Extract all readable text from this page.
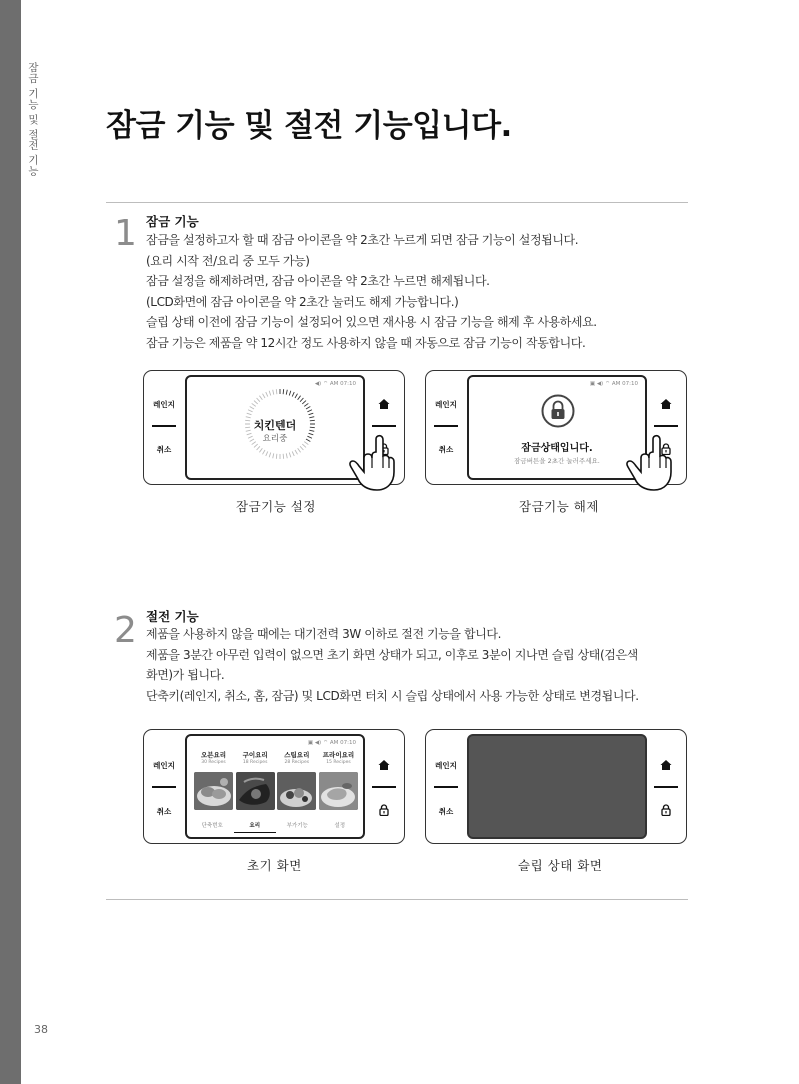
잠금 기능 및 절전 기능
38
잠금 기능 및 절전 기능입니다.
1 잠금 기능
잠금을 설정하고자 할 때 잠금 아이콘을 약 2초간 누르게 되면 잠금 기능이 설정됩니다.
(요리 시작 전/요리 중 모두 가능)
잠금 설정을 해제하려면, 잠금 아이콘을 약 2초간 누르면 해제됩니다.
(LCD화면에 잠금 아이콘을 약 2초간 눌러도 해제 가능합니다.)
슬립 상태 이전에 잠금 기능이 설정되어 있으면 재사용 시 잠금 기능을 해제 후 사용하세요.
잠금 기능은 제품을 약 12시간 정도 사용하지 않을 때 자동으로 잠금 기능이 작동합니다.
레인지
취소
◀) ⌔ AM 07:10
치킨텐더
요리중
잠금기능 설정
레인지
취소
▣ ◀) ⌔ AM 07:10
잠금상태입니다.
잠금버튼을 2초간 눌러주세요.
잠금기능 해제
2 절전 기능
제품을 사용하지 않을 때에는 대기전력 3W 이하로 절전 기능을 합니다.
제품을 3분간 아무런 입력이 없으면 초기 화면 상태가 되고, 이후로 3분이 지나면 슬립 상태(검은색
화면)가 됩니다.
단축키(레인지, 취소, 홈, 잠금) 및 LCD화면 터치 시 슬립 상태에서 사용 가능한 상태로 변경됩니다.
레인지
취소
▣ ◀) ⌔ AM 07:10
오븐요리
30 Recipes
구이요리
18 Recipes
스팀요리
28 Recipes
프라이요리
15 Recipes
단축번호	요리	부가기능	설정
초기 화면
레인지
취소
슬립 상태 화면
